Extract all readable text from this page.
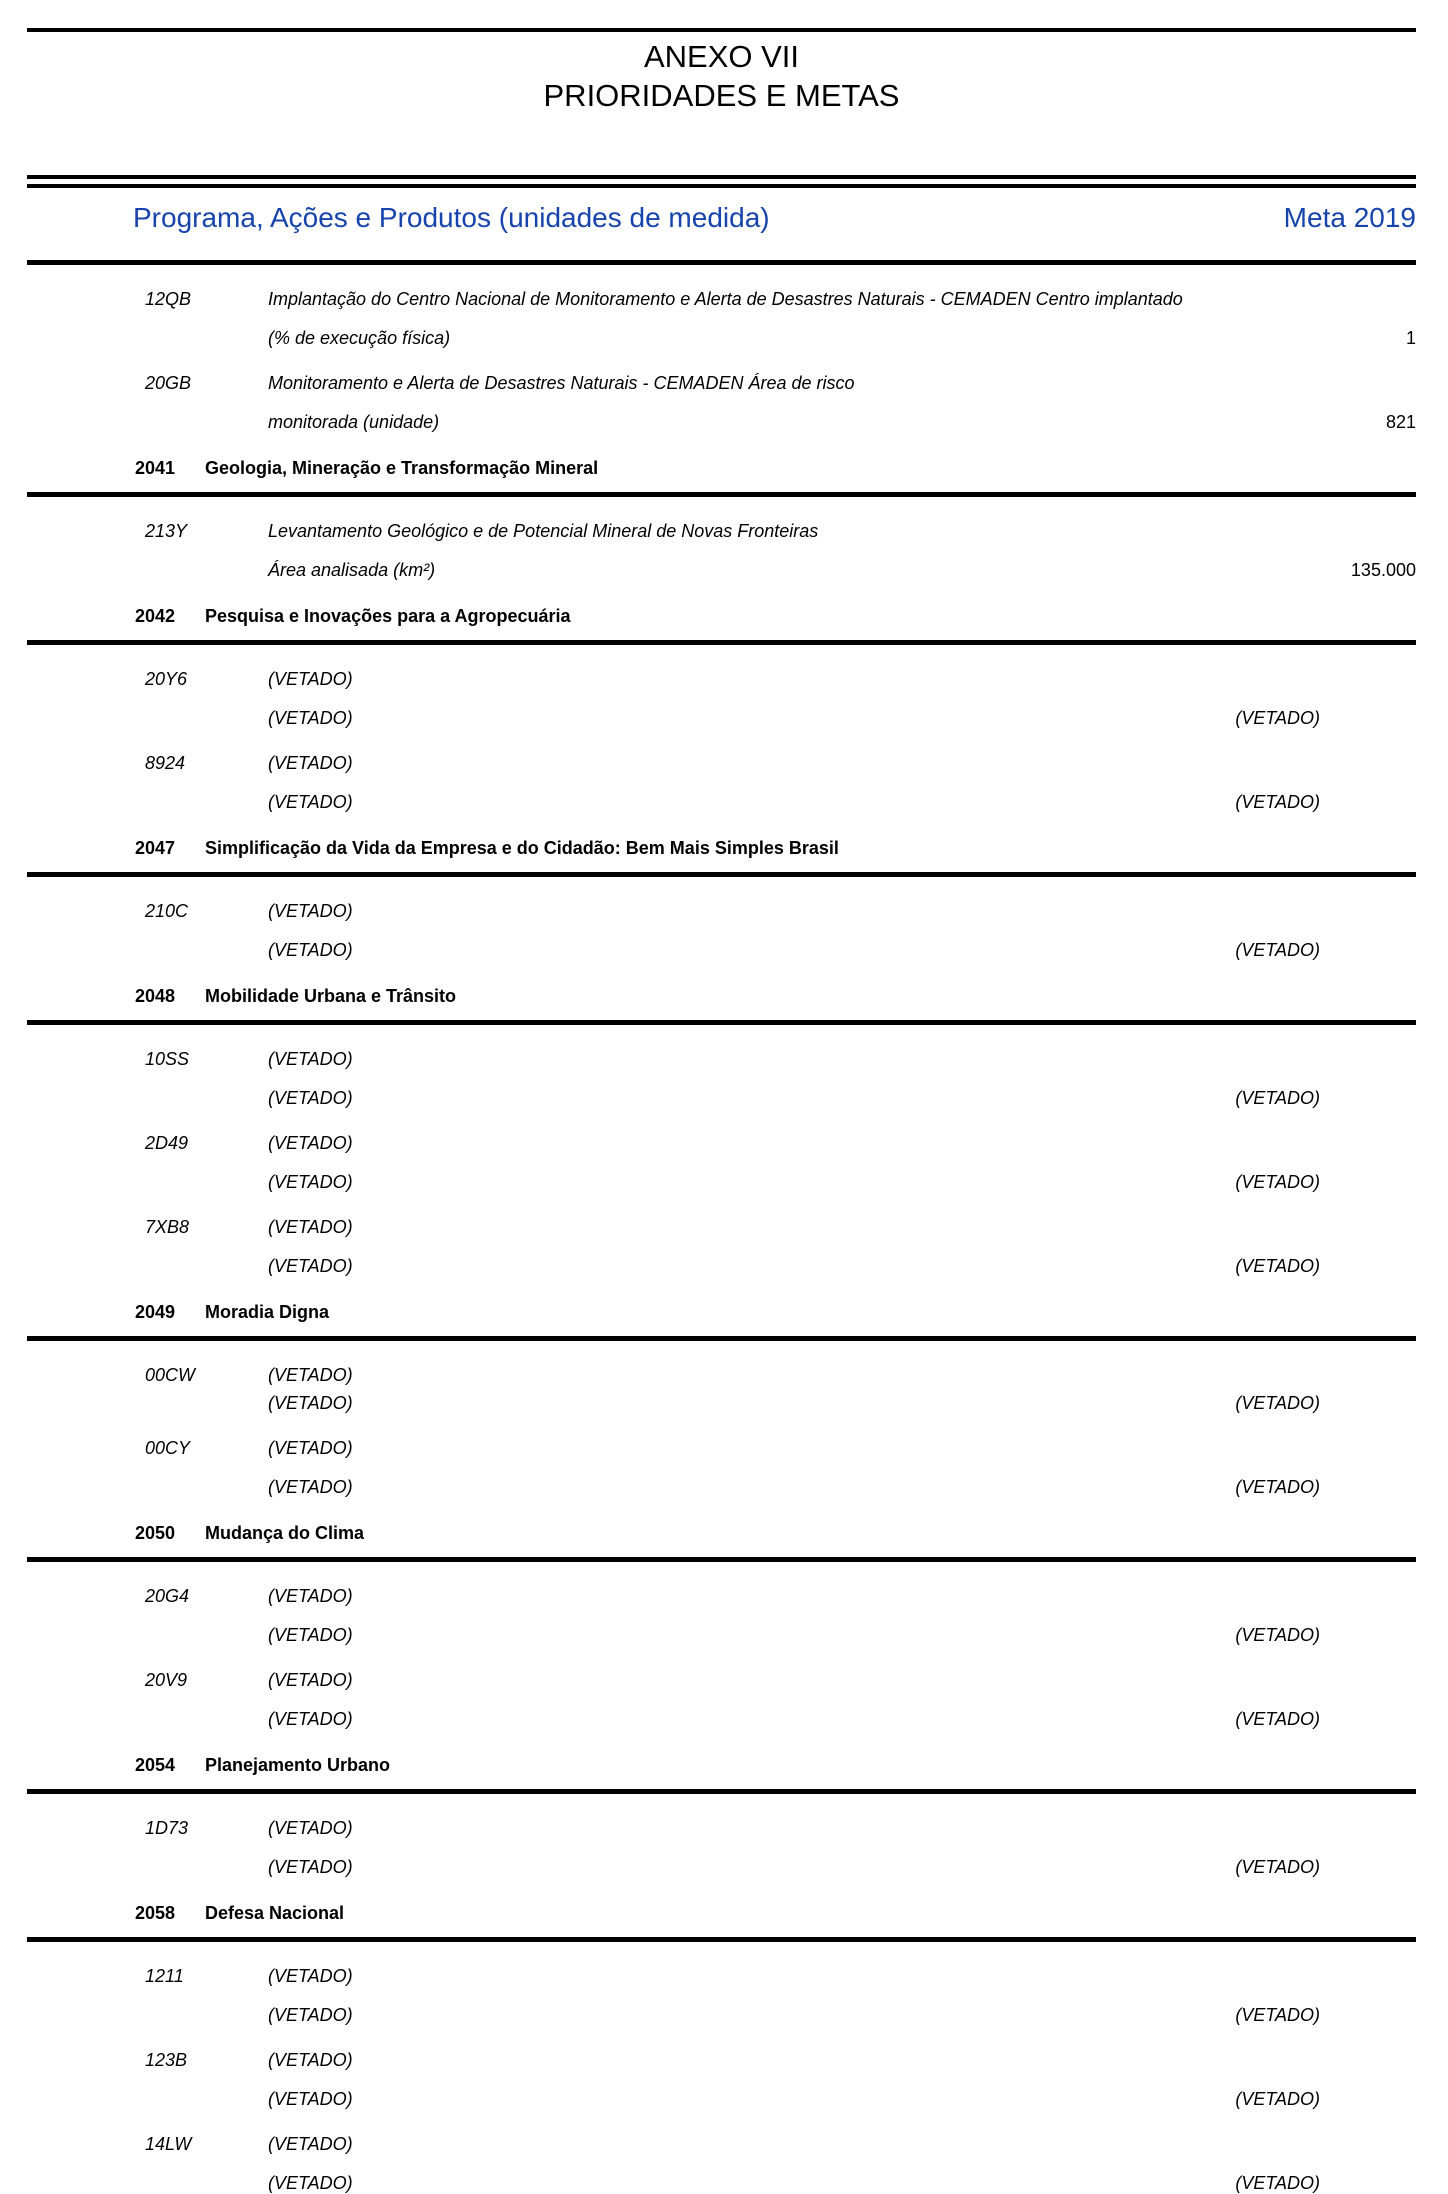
ANEXO VII
PRIORIDADES E METAS
Programa, Ações e Produtos (unidades de medida)	Meta 2019
12QB	Implantação do Centro Nacional de Monitoramento e Alerta de Desastres Naturais - CEMADEN Centro implantado
(% de execução física)	1
20GB	Monitoramento e Alerta de Desastres Naturais - CEMADEN Área de risco
monitorada (unidade)	821
2041	Geologia, Mineração e Transformação Mineral
213Y	Levantamento Geológico e de Potencial Mineral de Novas Fronteiras
Área analisada (km²)	135.000
2042	Pesquisa e Inovações para a Agropecuária
20Y6	(VETADO)
(VETADO)	(VETADO)
8924	(VETADO)
(VETADO)	(VETADO)
2047	Simplificação da Vida da Empresa e do Cidadão: Bem Mais Simples Brasil
210C	(VETADO)
(VETADO)	(VETADO)
2048	Mobilidade Urbana e Trânsito
10SS	(VETADO)
(VETADO)	(VETADO)
2D49	(VETADO)
(VETADO)	(VETADO)
7XB8	(VETADO)
(VETADO)	(VETADO)
2049	Moradia Digna
00CW	(VETADO)
(VETADO)	(VETADO)
00CY	(VETADO)
(VETADO)	(VETADO)
2050	Mudança do Clima
20G4	(VETADO)
(VETADO)	(VETADO)
20V9	(VETADO)
(VETADO)	(VETADO)
2054	Planejamento Urbano
1D73	(VETADO)
(VETADO)	(VETADO)
2058	Defesa Nacional
1211	(VETADO)
(VETADO)	(VETADO)
123B	(VETADO)
(VETADO)	(VETADO)
14LW	(VETADO)
(VETADO)	(VETADO)
